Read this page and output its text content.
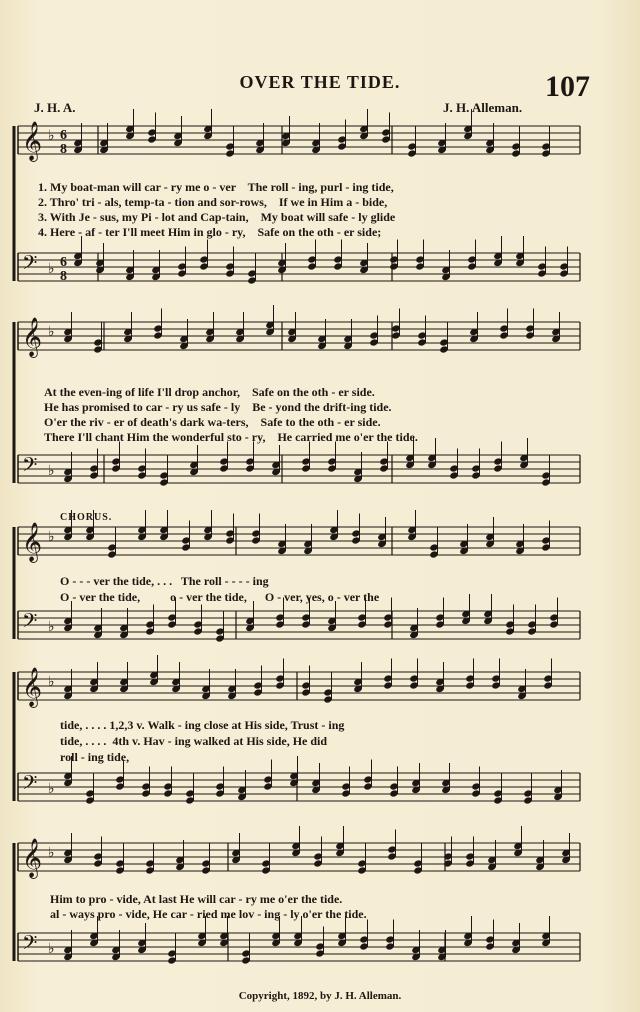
OVER THE TIDE.	107
J. H. A.	J. H. Alleman.
CHORUS.
𝄞 ♭ 6
8
𝄢 ♭ 6
8
𝄞 ♭
𝄢 ♭
𝄞 ♭
𝄢 ♭
𝄞 ♭
𝄢 ♭
𝄞 ♭
𝄢 ♭
1. My boat-man will car - ry me o - ver    The roll - ing, purl - ing tide,
2. Thro' tri - als, temp-ta - tion and sor-rows,    If we in Him a - bide,
3. With Je - sus, my Pi - lot and Cap-tain,    My boat will safe - ly glide
4. Here - af - ter I'll meet Him in glo - ry,    Safe on the oth - er side;
At the even-ing of life I'll drop anchor,    Safe on the oth - er side.
He has promised to car - ry us safe - ly    Be - yond the drift-ing tide.
O'er the riv - er of death's dark wa-ters,    Safe to the oth - er side.
There I'll chant Him the wonderful sto - ry,    He carried me o'er the tide.
O - - - ver the tide, . . .   The roll - - - - ing
O - ver the tide,          o - ver the tide,      O - ver, yes, o - ver the
tide, . . . . 1,2,3 v. Walk - ing close at His side, Trust - ing
tide, . . . .  4th v. Hav - ing walked at His side, He did
roll - ing tide,
Him to pro - vide, At last He will car - ry me o'er the tide.
al - ways pro - vide, He car - ried me lov - ing - ly o'er the tide.
Copyright, 1892, by J. H. Alleman.
